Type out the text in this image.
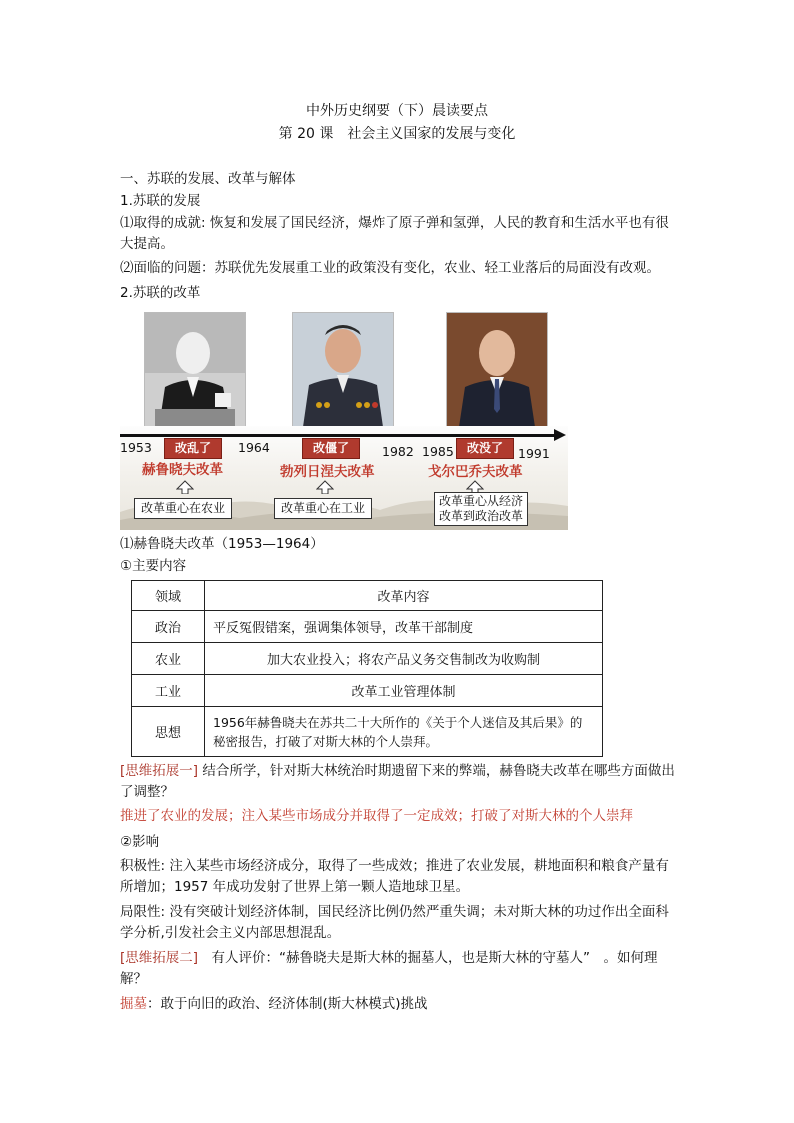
中外历史纲要（下）晨读要点
第 20 课　社会主义国家的发展与变化
一、苏联的发展、改革与解体
1.苏联的发展
⑴取得的成就: 恢复和发展了国民经济，爆炸了原子弹和氢弹，人民的教育和生活水平也有很大提高。
⑵面临的问题：苏联优先发展重工业的政策没有变化，农业、轻工业落后的局面没有改观。
2.苏联的改革
1953	1964	1982 1985	1991
改乱了	改僵了	改没了
赫鲁晓夫改革	勃列日涅夫改革	戈尔巴乔夫改革
改革重心在农业	改革重心在工业	改革重心从经济
改革到政治改革
⑴赫鲁晓夫改革（1953—1964）
①主要内容
领域	改革内容
政治	平反冤假错案，强调集体领导，改革干部制度
农业	加大农业投入；将农产品义务交售制改为收购制
工业	改革工业管理体制
思想	1956年赫鲁晓夫在苏共二十大所作的《关于个人迷信及其后果》的秘密报告，打破了对斯大林的个人崇拜。
[思维拓展一] 结合所学，针对斯大林统治时期遗留下来的弊端，赫鲁晓夫改革在哪些方面做出了调整？
推进了农业的发展；注入某些市场成分并取得了一定成效；打破了对斯大林的个人崇拜
②影响
积极性: 注入某些市场经济成分，取得了一些成效；推进了农业发展，耕地面积和粮食产量有所增加；1957 年成功发射了世界上第一颗人造地球卫星。
局限性: 没有突破计划经济体制，国民经济比例仍然严重失调；未对斯大林的功过作出全面科学分析,引发社会主义内部思想混乱。
[思维拓展二]　有人评价：“赫鲁晓夫是斯大林的掘墓人，也是斯大林的守墓人”　。如何理解？
掘墓：敢于向旧的政治、经济体制(斯大林模式)挑战
